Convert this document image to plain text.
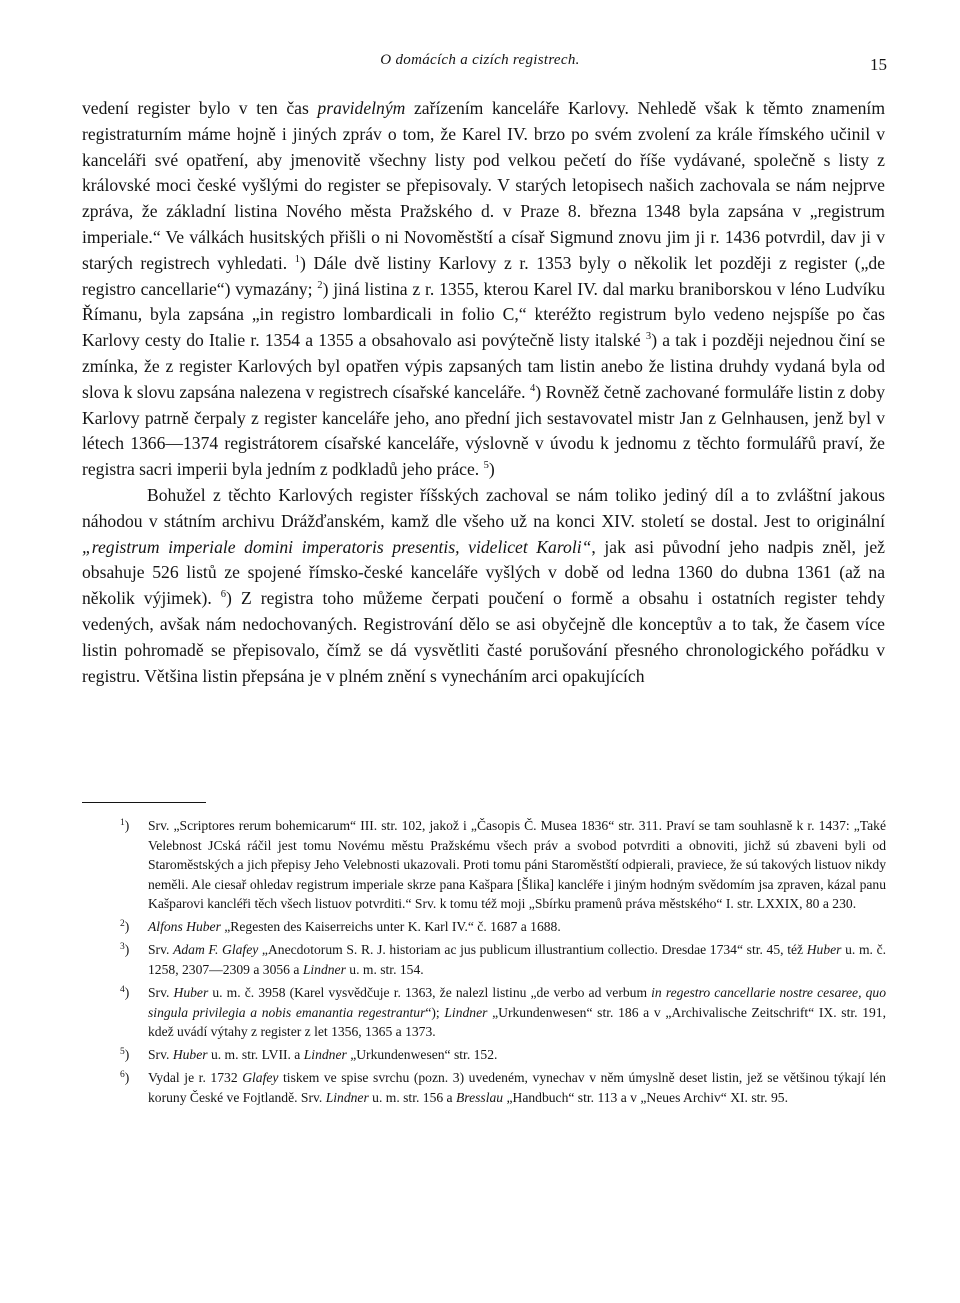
O domácích a cizích registrech.	15

vedení register bylo v ten čas pravidelným zařízením kanceláře Karlovy. Nehledě však k těmto znamením registraturním máme hojně i jiných zpráv o tom, že Karel IV. brzo po svém zvolení za krále římského učinil v kanceláři své opatření, aby jmenovitě všechny listy pod velkou pečetí do říše vydávané, společně s listy z královské moci české vyšlými do register se přepisovaly. V starých letopisech našich zachovala se nám nejprve zpráva, že základní listina Nového města Pražského d. v Praze 8. března 1348 byla zapsána v „registrum imperiale.“ Ve válkách husitských přišli o ni Novoměstští a císař Sigmund znovu jim ji r. 1436 potvrdil, dav ji v starých registrech vyhledati. $^1$) Dále dvě listiny Karlovy z r. 1353 byly o několik let později z register („de registro cancellarie“) vymazány; $^2$) jiná listina z r. 1355, kterou Karel IV. dal marku braniborskou v léno Ludvíku Římanu, byla zapsána „in registro lombardicali in folio C,“ kteréžto registrum bylo vedeno nejspíše po čas Karlovy cesty do Italie r. 1354 a 1355 a obsahovalo asi povýtečně listy italské $^3$) a tak i později nejednou činí se zmínka, že z register Karlových byl opatřen výpis zapsaných tam listin anebo že listina druhdy vydaná byla od slova k slovu zapsána nalezena v registrech císařské kanceláře. $^4$) Rovněž četně zachované formuláře listin z doby Karlovy patrně čerpaly z register kanceláře jeho, ano přední jich sestavovatel mistr Jan z Gelnhausen, jenž byl v létech 1366—1374 registrátorem císařské kanceláře, výslovně v úvodu k jednomu z těchto formulářů praví, že registra sacri imperii byla jedním z podkladů jeho práce. $^5$)

Bohužel z těchto Karlových register říšských zachoval se nám toliko jediný díl a to zvláštní jakous náhodou v státním archivu Drážďanském, kamž dle všeho už na konci XIV. století se dostal. Jest to originální „registrum imperiale domini imperatoris presentis, videlicet Karoli“, jak asi původní jeho nadpis zněl, jež obsahuje 526 listů ze spojené římsko-české kanceláře vyšlých v době od ledna 1360 do dubna 1361 (až na několik výjimek). $^6$) Z registra toho můžeme čerpati poučení o formě a obsahu i ostatních register tehdy vedených, avšak nám nedochovaných. Registrování dělo se asi obyčejně dle konceptův a to tak, že časem více listin pohromadě se přepisovalo, čímž se dá vysvětliti časté porušování přesného chronologického pořádku v registru. Většina listin přepsána je v plném znění s vynecháním arci opakujících

1 )	Srv. „Scriptores rerum bohemicarum“ III. str. 102, jakož i „Časopis Č. Musea 1836“ str. 311. Praví se tam souhlasně k r. 1437: „Také Velebnost JCská ráčil jest tomu Novému městu Pražskému všech práv a svobod potvrditi a obnoviti, jichž sú zbaveni byli od Staroměstských a jich přepisy Jeho Velebnosti ukazovali. Proti tomu páni Staroměstští odpierali, praviece, že sú takových listuov nikdy neměli. Ale ciesař ohledav registrum imperiale skrze pana Kašpara [Šlika] kancléře i jiným hodným svědomím jsa zpraven, kázal panu Kašparovi kancléři těch všech listuov potvrditi.“ Srv. k tomu též moji „Sbírku pramenů práva městského“ I. str. LXXIX, 80 a 230.
2 )	Alfons Huber „Regesten des Kaiserreichs unter K. Karl IV.“ č. 1687 a 1688.
3 )	Srv. Adam F. Glafey „Anecdotorum S. R. J. historiam ac jus publicum illustrantium collectio. Dresdae 1734“ str. 45, též Huber u. m. č. 1258, 2307—2309 a 3056 a Lindner u. m. str. 154.
4 )	Srv. Huber u. m. č. 3958 (Karel vysvědčuje r. 1363, že nalezl listinu „de verbo ad verbum in regestro cancellarie nostre cesaree, quo singula privilegia a nobis emanantia regestrantur“); Lindner „Urkundenwesen“ str. 186 a v „Archivalische Zeitschrift“ IX. str. 191, kdež uvádí výtahy z register z let 1356, 1365 a 1373.
5 )	Srv. Huber u. m. str. LVII. a Lindner „Urkundenwesen“ str. 152.
6 )	Vydal je r. 1732 Glafey tiskem ve spise svrchu (pozn. 3) uvedeném, vynechav v něm úmyslně deset listin, jež se většinou týkají lén koruny České ve Fojtlandě. Srv. Lindner u. m. str. 156 a Bresslau „Handbuch“ str. 113 a v „Neues Archiv“ XI. str. 95.
